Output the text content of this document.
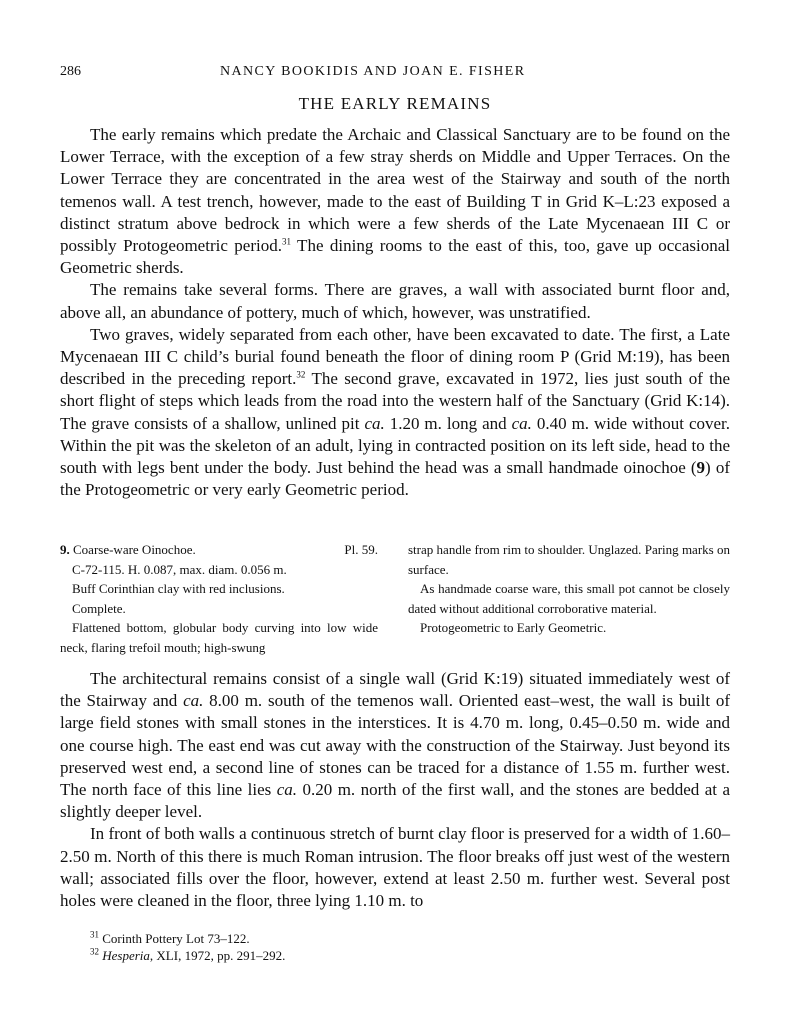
286	NANCY BOOKIDIS AND JOAN E. FISHER
THE EARLY REMAINS

The early remains which predate the Archaic and Classical Sanctuary are to be found on the Lower Terrace, with the exception of a few stray sherds on Middle and Upper Terraces. On the Lower Terrace they are concentrated in the area west of the Stairway and south of the north temenos wall. A test trench, however, made to the east of Building T in Grid K–L:23 exposed a distinct stratum above bedrock in which were a few sherds of the Late Mycenaean III C or possibly Protogeometric period.$^{31}$ The dining rooms to the east of this, too, gave up occasional Geometric sherds.

The remains take several forms. There are graves, a wall with associated burnt floor and, above all, an abundance of pottery, much of which, however, was unstratified.

Two graves, widely separated from each other, have been excavated to date. The first, a Late Mycenaean III C child’s burial found beneath the floor of dining room P (Grid M:19), has been described in the preceding report.$^{32}$ The second grave, excavated in 1972, lies just south of the short flight of steps which leads from the road into the western half of the Sanctuary (Grid K:14). The grave consists of a shallow, unlined pit ca. 1.20 m. long and ca. 0.40 m. wide without cover. Within the pit was the skeleton of an adult, lying in contracted position on its left side, head to the south with legs bent under the body. Just behind the head was a small handmade oinochoe (9) of the Protogeometric or very early Geometric period.

9. Coarse-ware Oinochoe.	Pl. 59.

C-72-115. H. 0.087, max. diam. 0.056 m.

Buff Corinthian clay with red inclusions.

Complete.

Flattened bottom, globular body curving into low wide neck, flaring trefoil mouth; high-swung

strap handle from rim to shoulder. Unglazed. Paring marks on surface.

As handmade coarse ware, this small pot cannot be closely dated without additional corroborative material.

Protogeometric to Early Geometric.

The architectural remains consist of a single wall (Grid K:19) situated immediately west of the Stairway and ca. 8.00 m. south of the temenos wall. Oriented east–west, the wall is built of large field stones with small stones in the interstices. It is 4.70 m. long, 0.45–0.50 m. wide and one course high. The east end was cut away with the construction of the Stairway. Just beyond its preserved west end, a second line of stones can be traced for a distance of 1.55 m. further west. The north face of this line lies ca. 0.20 m. north of the first wall, and the stones are bedded at a slightly deeper level.

In front of both walls a continuous stretch of burnt clay floor is preserved for a width of 1.60–2.50 m. North of this there is much Roman intrusion. The floor breaks off just west of the western wall; associated fills over the floor, however, extend at least 2.50 m. further west. Several post holes were cleaned in the floor, three lying 1.10 m. to

$^{31}$ Corinth Pottery Lot 73–122.

$^{32}$ Hesperia, XLI, 1972, pp. 291–292.
